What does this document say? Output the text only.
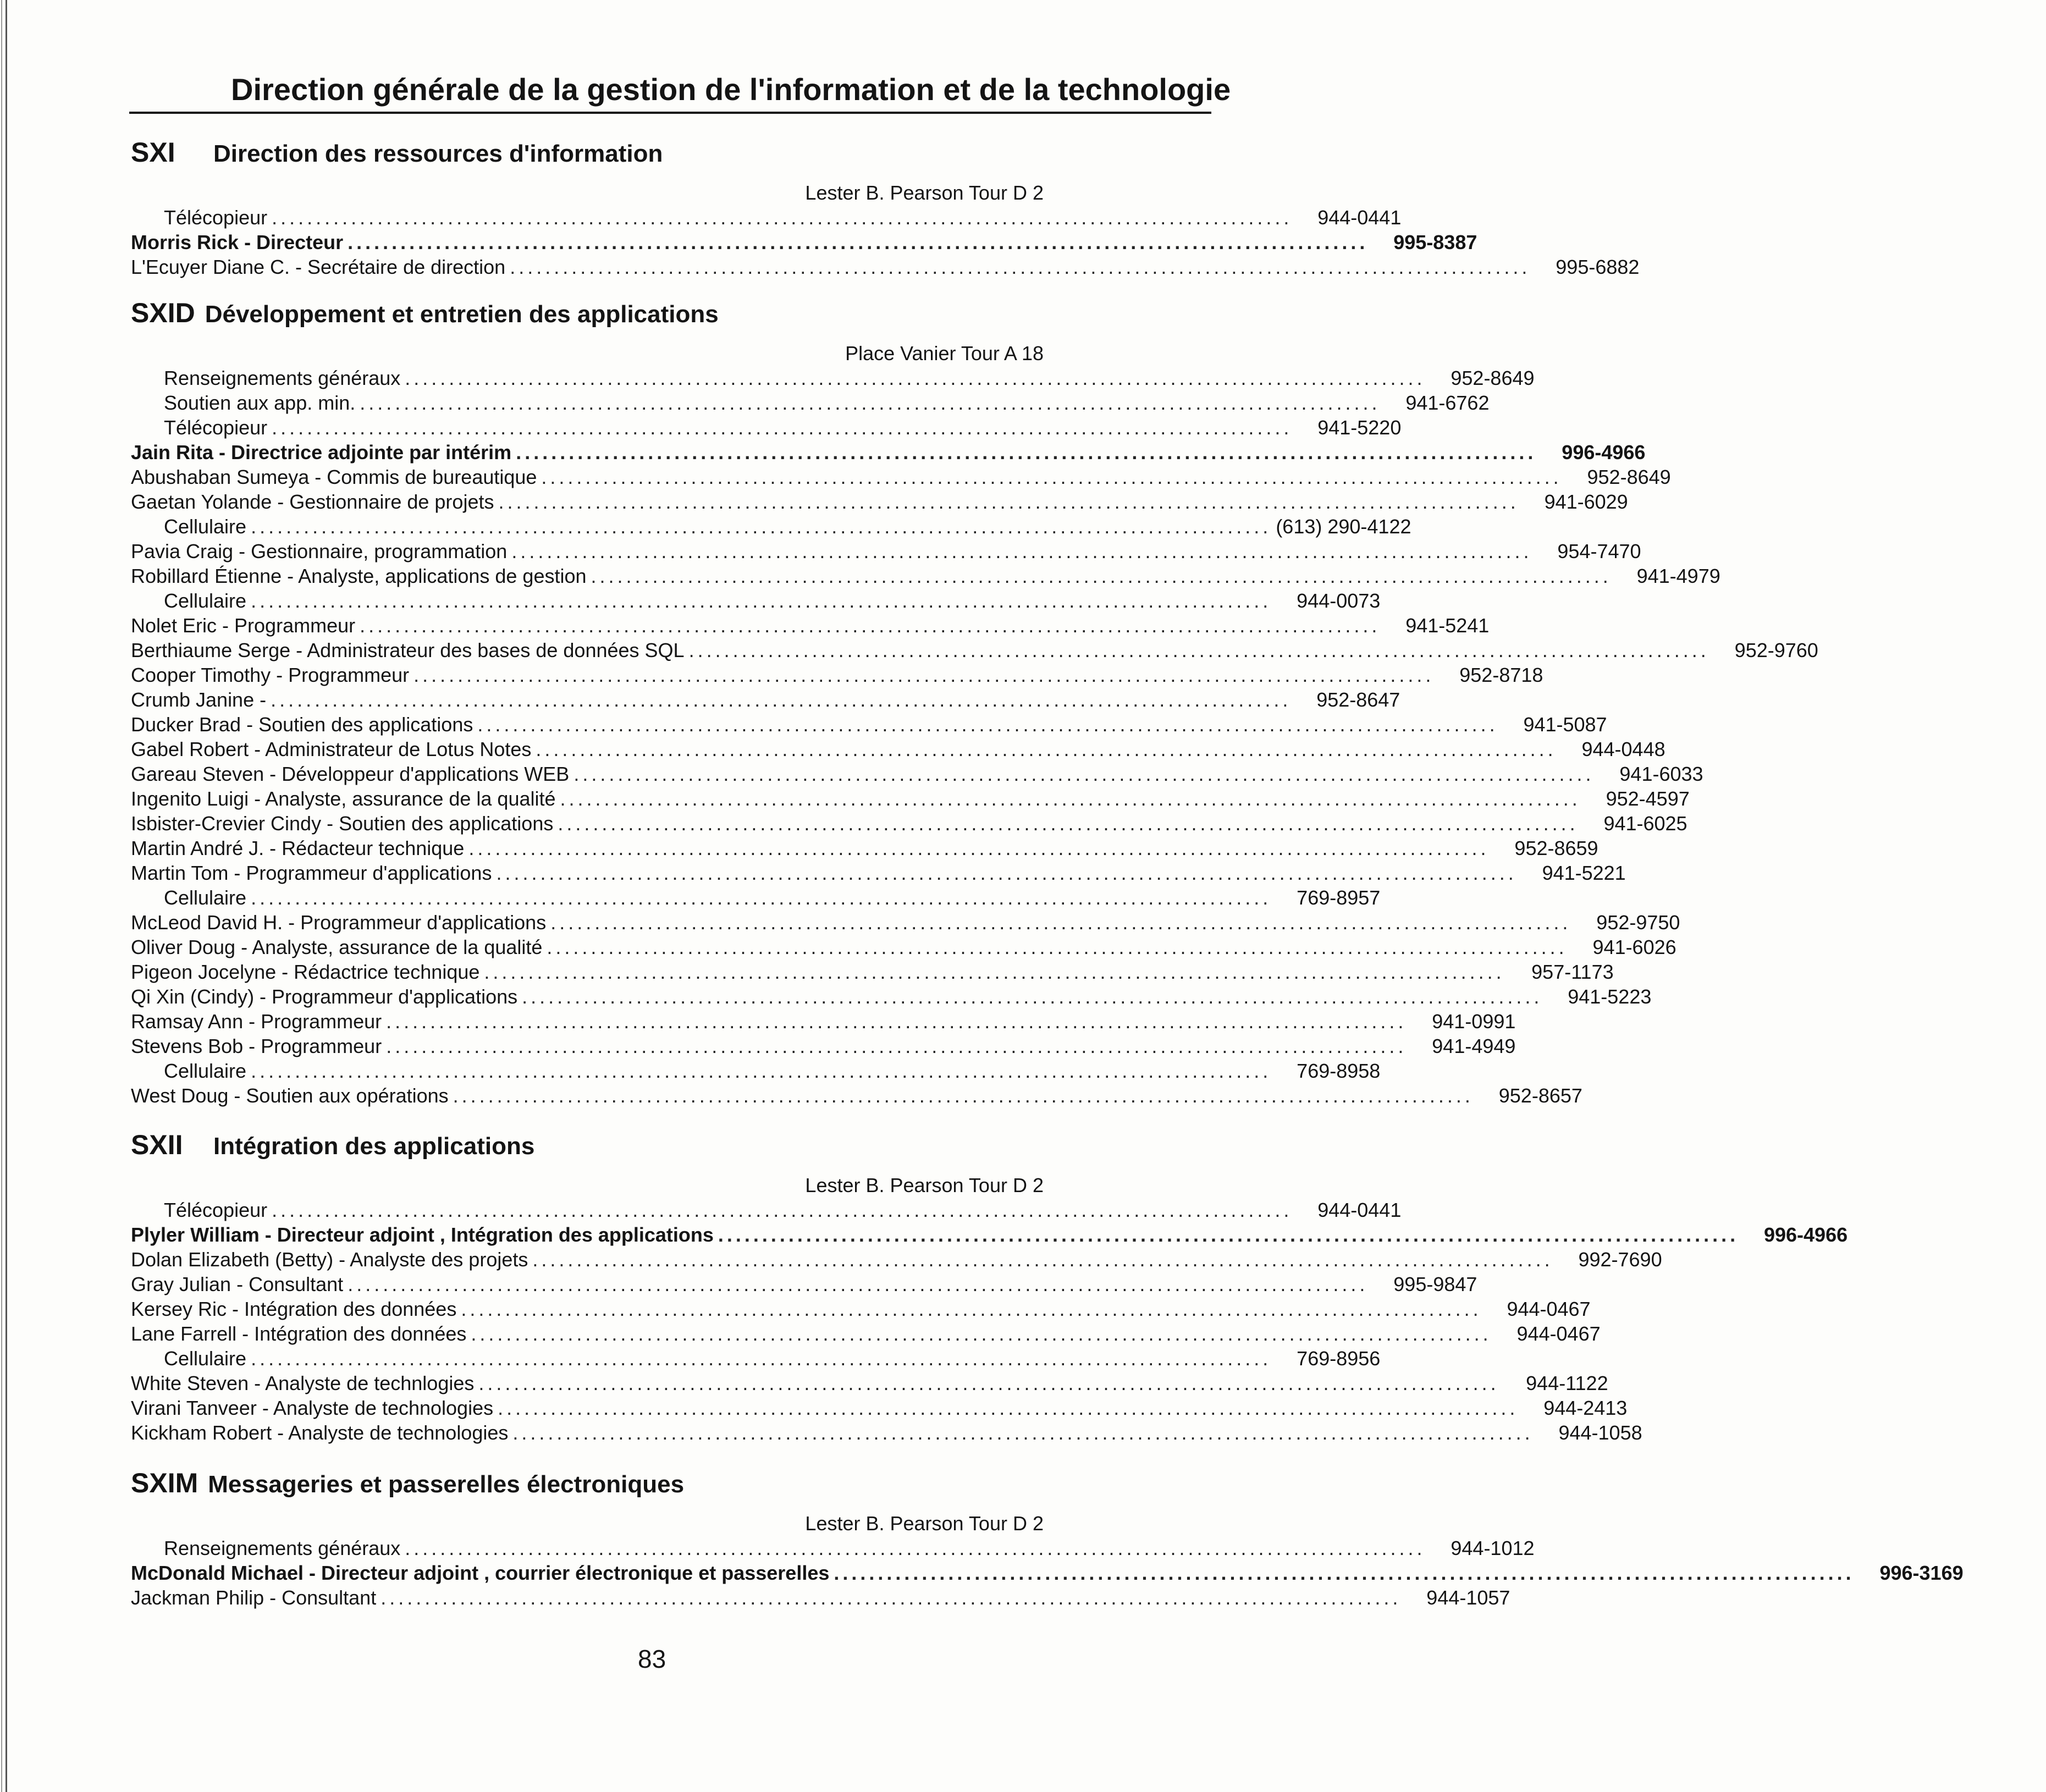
Direction générale de la gestion de l'information et de la technologie
SXI Direction des ressources d'information
Lester B. Pearson Tour D 2
Télécopieur ....................................................................................................................	944-0441
Morris Rick - Directeur ....................................................................................................................	995-8387
L'Ecuyer Diane C. - Secrétaire de direction ....................................................................................................................	995-6882
SXID Développement et entretien des applications
Place Vanier Tour A 18
Renseignements généraux ....................................................................................................................	952-8649
Soutien aux app. min. ....................................................................................................................	941-6762
Télécopieur ....................................................................................................................	941-5220
Jain Rita - Directrice adjointe par intérim ....................................................................................................................	996-4966
Abushaban Sumeya - Commis de bureautique ....................................................................................................................	952-8649
Gaetan Yolande - Gestionnaire de projets ....................................................................................................................	941-6029
Cellulaire .................................................................................................................... (613) 290-4122
Pavia Craig - Gestionnaire, programmation ....................................................................................................................	954-7470
Robillard Étienne - Analyste, applications de gestion ....................................................................................................................	941-4979
Cellulaire ....................................................................................................................	944-0073
Nolet Eric - Programmeur ....................................................................................................................	941-5241
Berthiaume Serge - Administrateur des bases de données SQL ....................................................................................................................	952-9760
Cooper Timothy - Programmeur ....................................................................................................................	952-8718
Crumb Janine - ....................................................................................................................	952-8647
Ducker Brad - Soutien des applications ....................................................................................................................	941-5087
Gabel Robert - Administrateur de Lotus Notes ....................................................................................................................	944-0448
Gareau Steven - Développeur d'applications WEB ....................................................................................................................	941-6033
Ingenito Luigi - Analyste, assurance de la qualité ....................................................................................................................	952-4597
Isbister-Crevier Cindy - Soutien des applications ....................................................................................................................	941-6025
Martin André J. - Rédacteur technique ....................................................................................................................	952-8659
Martin Tom - Programmeur d'applications ....................................................................................................................	941-5221
Cellulaire ....................................................................................................................	769-8957
McLeod David H. - Programmeur d'applications ....................................................................................................................	952-9750
Oliver Doug - Analyste, assurance de la qualité ....................................................................................................................	941-6026
Pigeon Jocelyne - Rédactrice technique ....................................................................................................................	957-1173
Qi Xin (Cindy) - Programmeur d'applications ....................................................................................................................	941-5223
Ramsay Ann - Programmeur ....................................................................................................................	941-0991
Stevens Bob - Programmeur ....................................................................................................................	941-4949
Cellulaire ....................................................................................................................	769-8958
West Doug - Soutien aux opérations ....................................................................................................................	952-8657
SXII Intégration des applications
Lester B. Pearson Tour D 2
Télécopieur ....................................................................................................................	944-0441
Plyler William - Directeur adjoint , Intégration des applications ....................................................................................................................	996-4966
Dolan Elizabeth (Betty) - Analyste des projets ....................................................................................................................	992-7690
Gray Julian - Consultant ....................................................................................................................	995-9847
Kersey Ric - Intégration des données ....................................................................................................................	944-0467
Lane Farrell - Intégration des données ....................................................................................................................	944-0467
Cellulaire ....................................................................................................................	769-8956
White Steven - Analyste de technlogies ....................................................................................................................	944-1122
Virani Tanveer - Analyste de technologies ....................................................................................................................	944-2413
Kickham Robert - Analyste de technologies ....................................................................................................................	944-1058
SXIM Messageries et passerelles électroniques
Lester B. Pearson Tour D 2
Renseignements généraux ....................................................................................................................	944-1012
McDonald Michael - Directeur adjoint , courrier électronique et passerelles ....................................................................................................................	996-3169
Jackman Philip - Consultant ....................................................................................................................	944-1057
83
